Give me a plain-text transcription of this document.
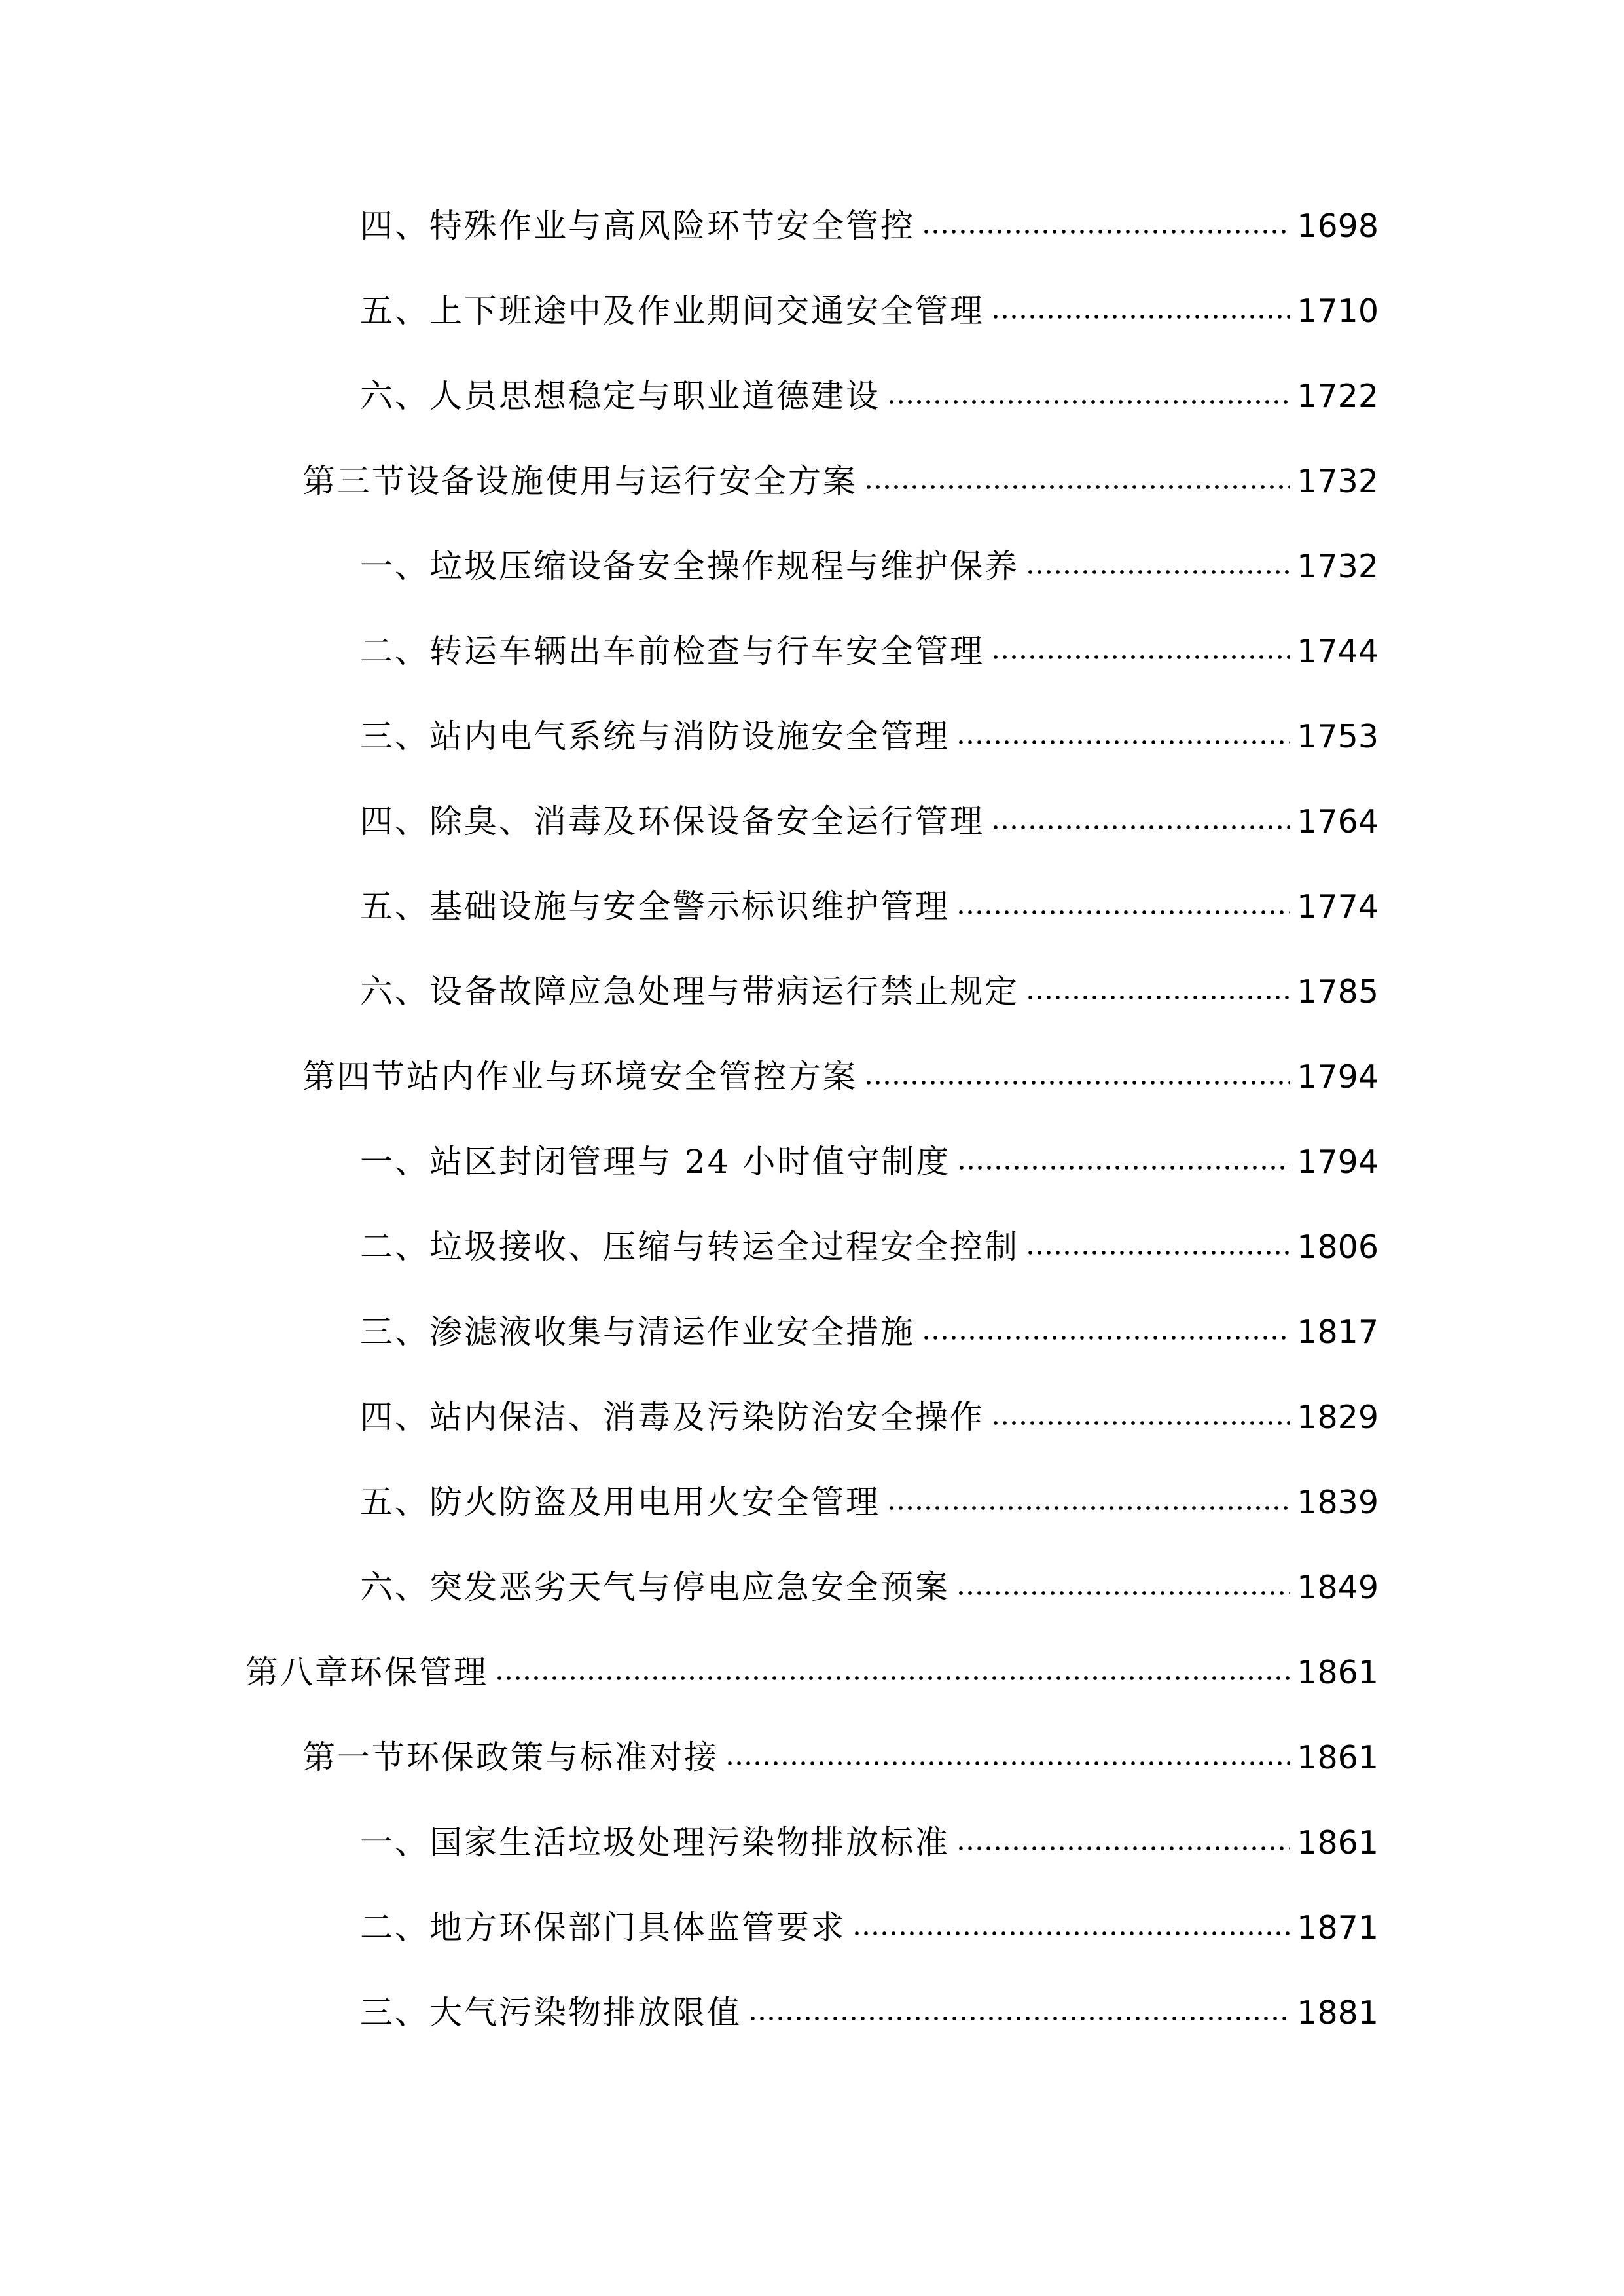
四、特殊作业与高风险环节安全管控	1698
五、上下班途中及作业期间交通安全管理	1710
六、人员思想稳定与职业道德建设	1722
第三节设备设施使用与运行安全方案	1732
一、垃圾压缩设备安全操作规程与维护保养	1732
二、转运车辆出车前检查与行车安全管理	1744
三、站内电气系统与消防设施安全管理	1753
四、除臭、消毒及环保设备安全运行管理	1764
五、基础设施与安全警示标识维护管理	1774
六、设备故障应急处理与带病运行禁止规定	1785
第四节站内作业与环境安全管控方案	1794
一、站区封闭管理与 24 小时值守制度	1794
二、垃圾接收、压缩与转运全过程安全控制	1806
三、渗滤液收集与清运作业安全措施	1817
四、站内保洁、消毒及污染防治安全操作	1829
五、防火防盗及用电用火安全管理	1839
六、突发恶劣天气与停电应急安全预案	1849
第八章环保管理	1861
第一节环保政策与标准对接	1861
一、国家生活垃圾处理污染物排放标准	1861
二、地方环保部门具体监管要求	1871
三、大气污染物排放限值	1881
